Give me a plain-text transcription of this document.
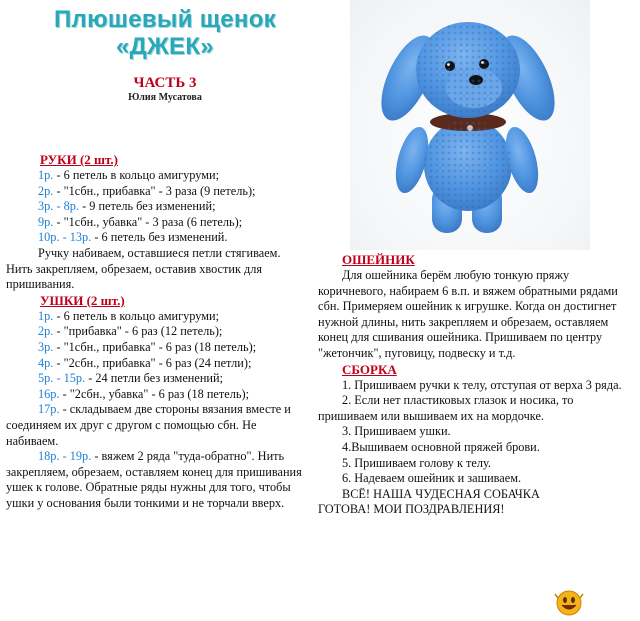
Плюшевый щенок
«ДЖЕК»
ЧАСТЬ 3
Юлия Мусатова
РУКИ (2 шт.)
1р. - 6 петель в кольцо амигуруми;
2р. - "1сбн., прибавка" - 3 раза (9 петель);
3р. - 8р. - 9 петель без изменений;
9р. - "1сбн., убавка" - 3 раза (6 петель);
10р. - 13р. - 6 петель без изменений.

Ручку набиваем, оставшиеся петли стягиваем. Нить закрепляем, обрезаем, оставив хвостик для пришивания.

УШКИ (2 шт.)

1р. - 6 петель в кольцо амигуруми;

2р. - "прибавка" - 6 раз (12 петель);

3р. - "1сбн., прибавка" - 6 раз (18 петель);

4р. - "2сбн., прибавка" - 6 раз (24 петли);

5р. - 15р. - 24 петли без изменений;

16р. - "2сбн., убавка" - 6 раз (18 петель);

17р. - складываем две стороны вязания вместе и соединяем их друг с другом с помощью сбн. Не набиваем.

18р. - 19р. - вяжем 2 ряда "туда-обратно". Нить закрепляем, обрезаем, оставляем конец для пришивания ушек к голове. Обратные ряды нужны для того, чтобы ушки у основания были тонкими и не торчали вверх.

ОШЕЙНИК

Для ошейника берём любую тонкую пряжу коричневого, набираем 6 в.п. и вяжем обратными рядами сбн. Примеряем ошейник к игрушке. Когда он достигнет нужной длины, нить закрепляем и обрезаем, оставляем конец для сшивания ошейника. Пришиваем по центру "жетончик", пуговицу, подвеску и т.д.

СБОРКА

1. Пришиваем ручки к телу, отступая от верха 3 ряда.

2. Если нет пластиковых глазок и носика, то пришиваем или вышиваем их на мордочке.

3. Пришиваем ушки.

4.Вышиваем основной пряжей брови.

5. Пришиваем голову к телу.

6. Надеваем ошейник и зашиваем.

ВСЁ! НАША ЧУДЕСНАЯ СОБАЧКА ГОТОВА! МОИ ПОЗДРАВЛЕНИЯ!
